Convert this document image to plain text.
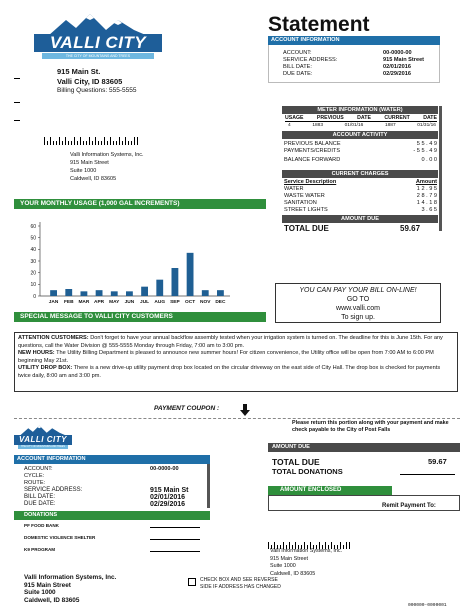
VALLI CITY
THE CITY OF MOUNTAINS AND TREES
915 Main St.
Valli City, ID 83605
Billing Questions: 555-5555
Valli Information Systems, Inc.
915 Main Street
Suite 1000
Caldwell, ID 83605
Statement
ACCOUNT INFORMATION
ACCOUNT:	00-0000-00
SERVICE ADDRESS:	915 Main Street
BILL DATE:	02/01/2016
DUE DATE:	02/29/2016
METER INFORMATION (WATER)
USAGE	PREVIOUS	DATE	CURRENT	DATE
4	1883	01/01/16	1887	01/31/16
ACCOUNT ACTIVITY
PREVIOUS BALANCE	5 5 . 4 9
PAYMENTS/CREDITS	- 5 5 . 4 9
BALANCE FORWARD	0 . 0 0
CURRENT CHARGES
Service Description	Amount
WATER	1 2 . 9 5
WASTE WATER	2 8 . 7 9
SANITATION	1 4 . 1 8
STREET LIGHTS	3 . 6 5
AMOUNT DUE
TOTAL DUE	59.67
YOUR MONTHLY USAGE (1,000 GAL INCREMENTS)
0
10
20
30
40
50
60
JAN FEB MAR APR MAY JUN JUL AUG SEP OCT NOV DEC
YOU CAN PAY YOUR BILL ON-LINE!
GO TO
www.valli.com
To sign up.
SPECIAL MESSAGE TO VALLI CITY CUSTOMERS
ATTENTION CUSTOMERS: Don't forget to have your annual backflow assembly tested when your irrigation system is turned on. The deadline for this is June 15th. For any questions, call the Water Division @ 555-5555 Monday through Friday, 7:00 am to 3:00 pm.
NEW HOURS: The Utility Billing Department is pleased to announce new summer hours! For citizen convenience, the Utility office will be open from 7:00 AM to 6:00 PM beginning May 21st.
UTILITY DROP BOX: There is a new drive-up utility payment drop box located on the circular driveway on the east side of City Hall. The drop box is checked for payments twice daily, 8:00 am and 3:00 pm.
PAYMENT COUPON :
VALLI CITY
THE CITY OF MOUNTAINS AND TREES
ACCOUNT INFORMATION
ACCOUNT:	00-0000-00
CYCLE:
ROUTE:
SERVICE ADDRESS:	915 Main St
BILL DATE:	02/01/2016
DUE DATE:	02/29/2016
DONATIONS
PF FOOD BANK
DOMESTIC VIOLENCE SHELTER
K9 PROGRAM
Valli Information Systems, Inc.
915 Main Street
Suite 1000
Caldwell, ID 83605
Please return this portion along with your payment and make check payable to the City of Post Falls
AMOUNT DUE
TOTAL DUE	59.67
TOTAL DONATIONS
AMOUNT ENCLOSED
Remit Payment To:
Valli Information Systems, Inc.
915 Main Street
Suite 1000
Caldwell, ID 83605
CHECK BOX AND SEE REVERSE
SIDE IF ADDRESS HAS CHANGED
000000-0000001
